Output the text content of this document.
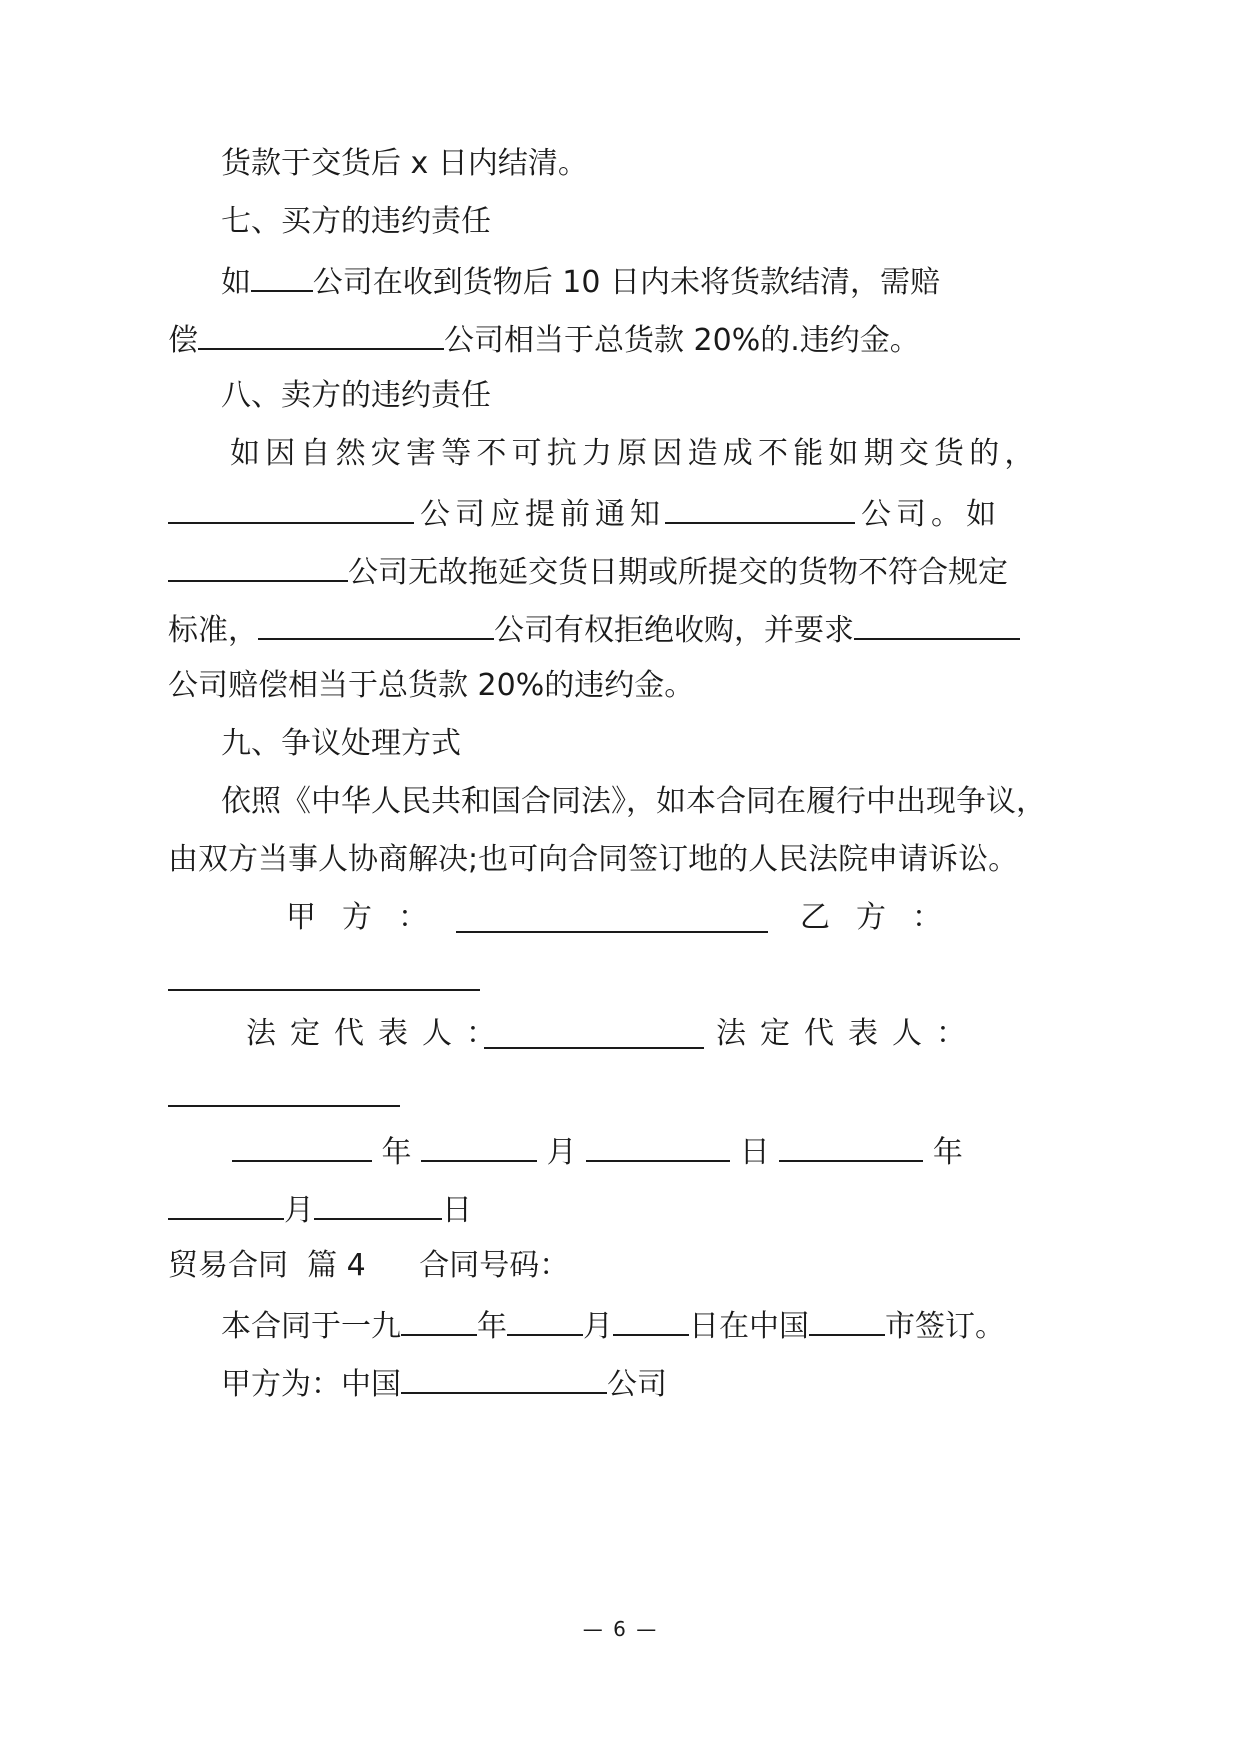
货款于交货后 x 日内结清。
七、买方的违约责任
如 公司在收到货物后 10 日内未将货款结清，需赔
偿	公司相当于总货款 20%的.违约金。
八、卖方的违约责任
如因自然灾害等不可抗力原因造成不能如期交货的，
公司应提前通知	公司。如
公司无故拖延交货日期或所提交的货物不符合规定
标准，	公司有权拒绝收购，并要求
公司赔偿相当于总货款 20%的违约金。
九、争议处理方式
依照《中华人民共和国合同法》，如本合同在履行中出现争议，
由双方当事人协商解决;也可向合同签订地的人民法院申请诉讼。
甲方：	乙方：
法定代表人：	法定代表人：
年	月	日	年
月	日
贸易合同  篇 4 合同号码：
本合同于一九	年	月	日在中国	市签订。
甲方为：中国	公司
— 6 —
